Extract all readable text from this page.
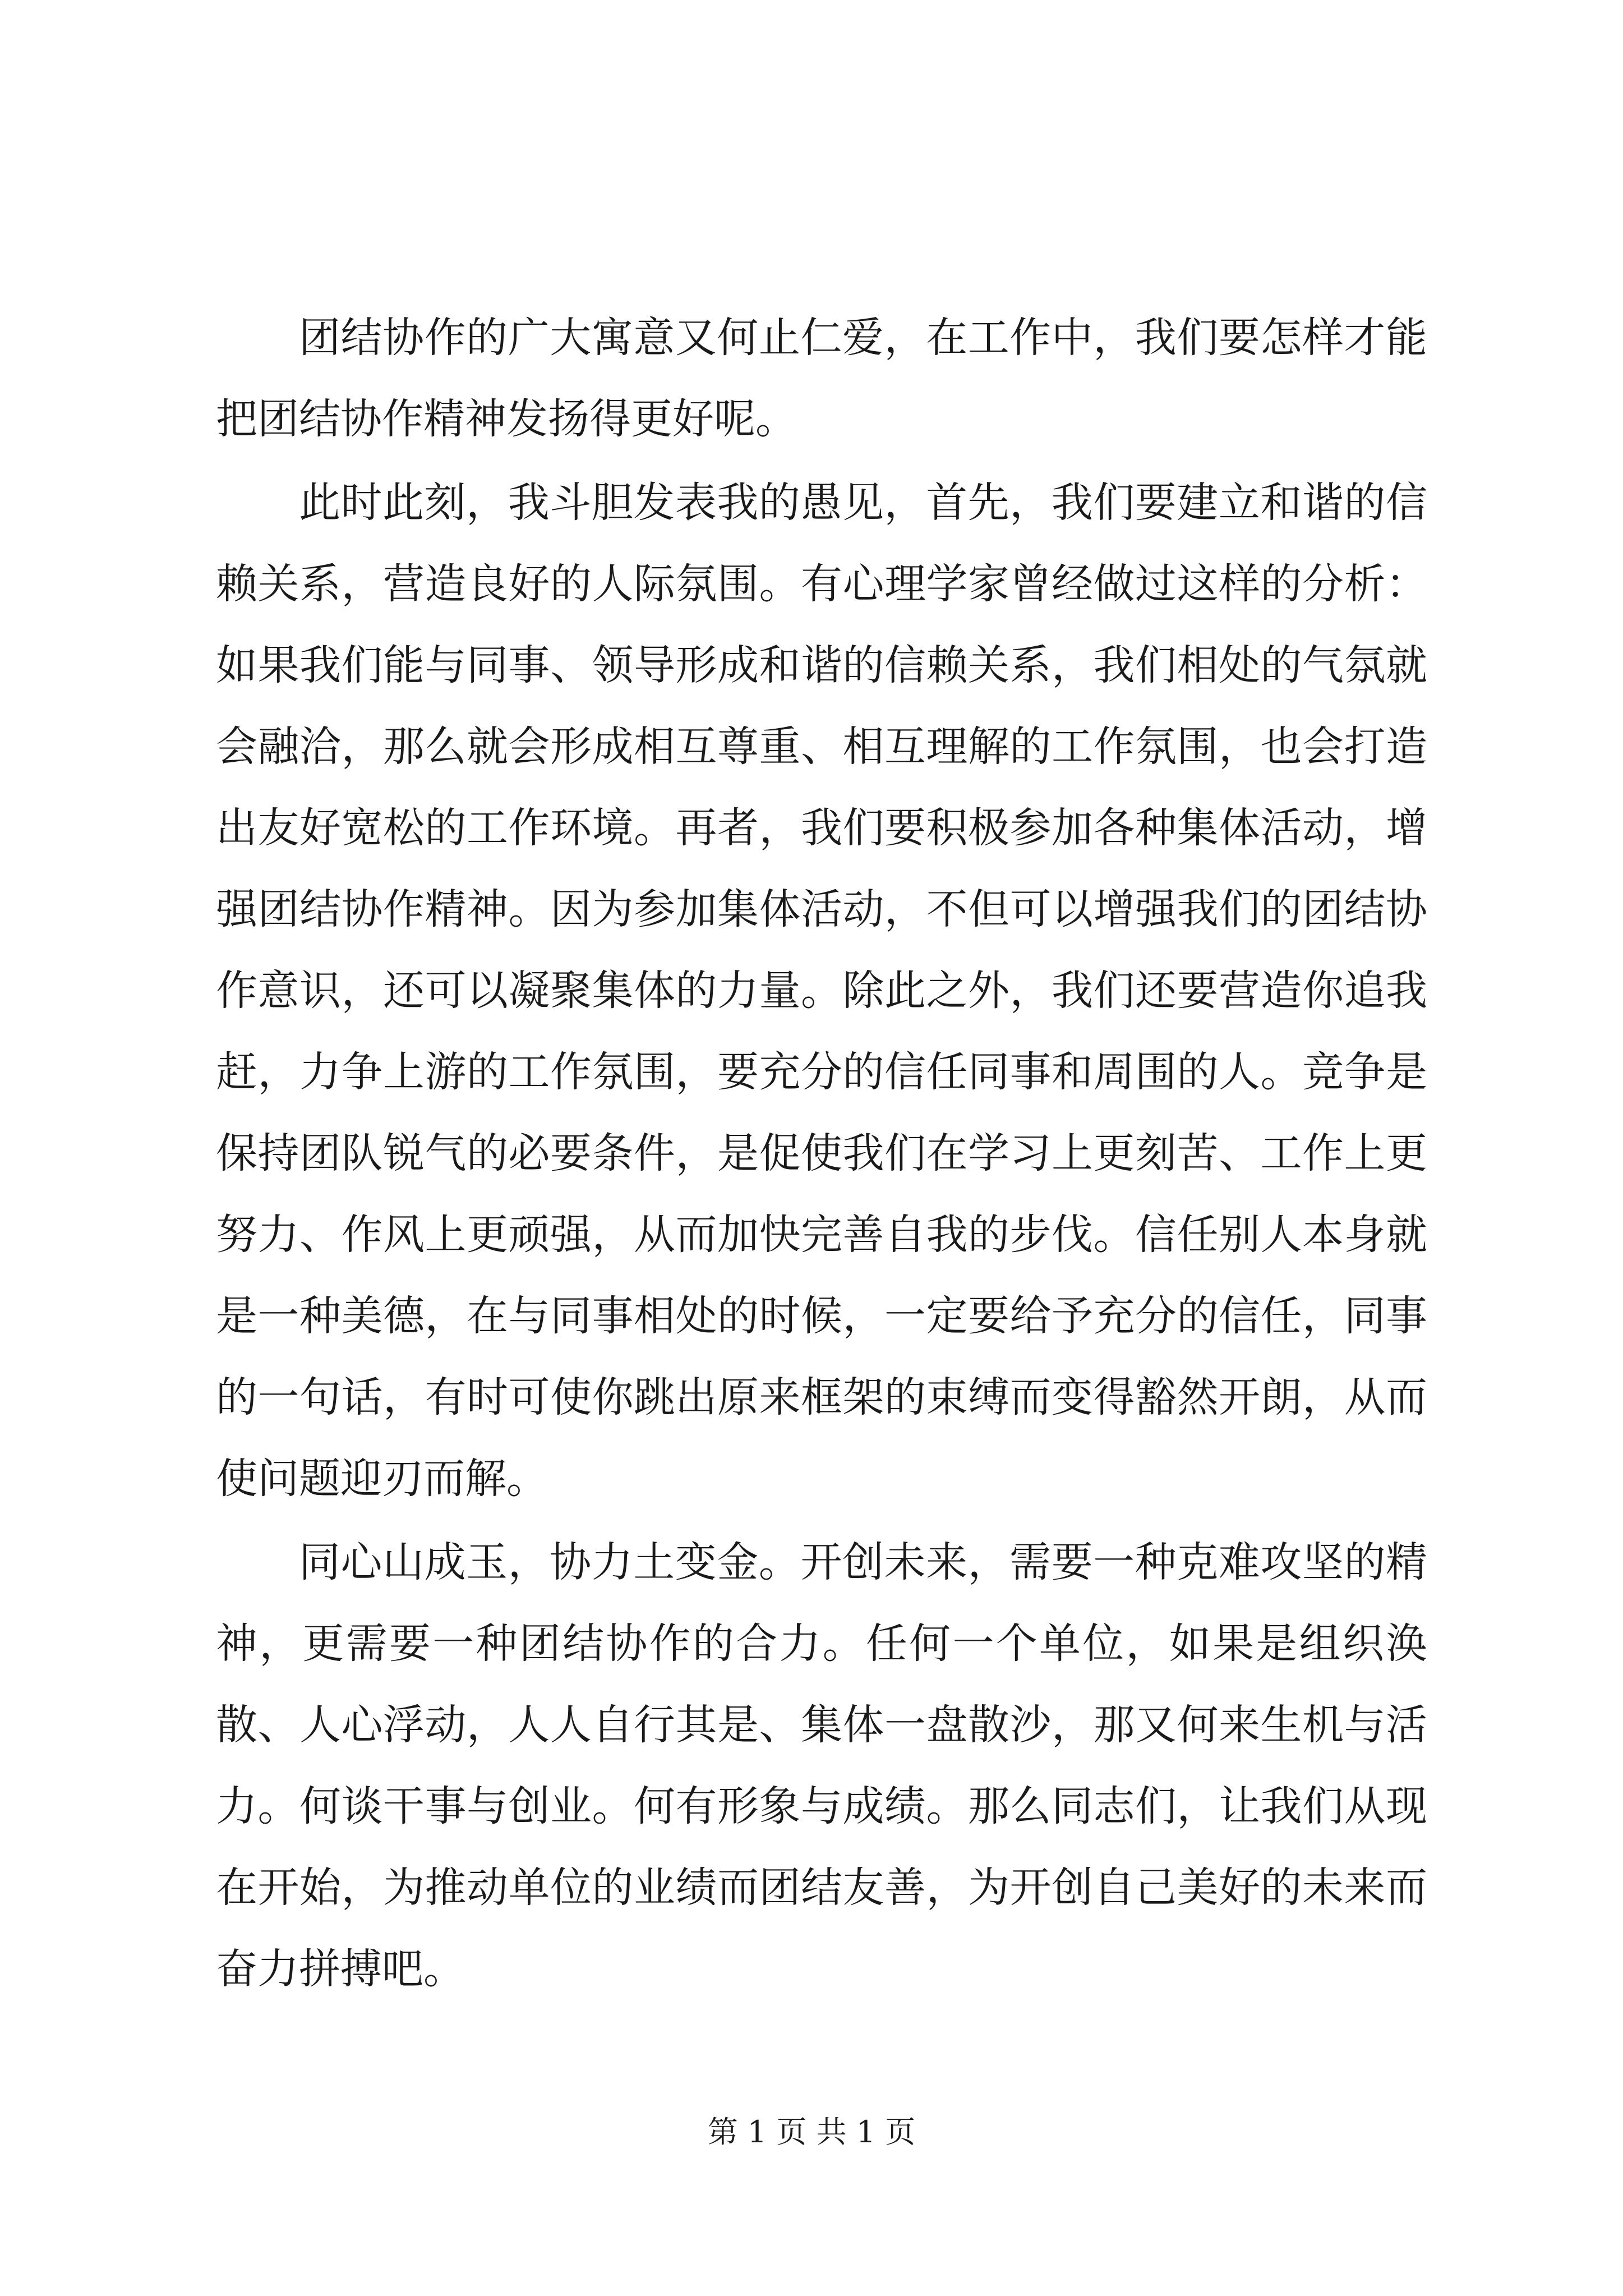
团结协作的广大寓意又何止仁爱，在工作中，我们要怎样才能把团结协作精神发扬得更好呢。

此时此刻，我斗胆发表我的愚见，首先，我们要建立和谐的信赖关系，营造良好的人际氛围。有心理学家曾经做过这样的分析：如果我们能与同事、领导形成和谐的信赖关系，我们相处的气氛就会融洽，那么就会形成相互尊重、相互理解的工作氛围，也会打造出友好宽松的工作环境。再者，我们要积极参加各种集体活动，增强团结协作精神。因为参加集体活动，不但可以增强我们的团结协作意识，还可以凝聚集体的力量。除此之外，我们还要营造你追我赶，力争上游的工作氛围，要充分的信任同事和周围的人。竞争是保持团队锐气的必要条件，是促使我们在学习上更刻苦、工作上更努力、作风上更顽强，从而加快完善自我的步伐。信任别人本身就是一种美德，在与同事相处的时候，一定要给予充分的信任，同事的一句话，有时可使你跳出原来框架的束缚而变得豁然开朗，从而使问题迎刃而解。

同心山成玉，协力土变金。开创未来，需要一种克难攻坚的精神，更需要一种团结协作的合力。任何一个单位，如果是组织涣散、人心浮动，人人自行其是、集体一盘散沙，那又何来生机与活力。何谈干事与创业。何有形象与成绩。那么同志们，让我们从现在开始，为推动单位的业绩而团结友善，为开创自己美好的未来而奋力拼搏吧。

第 1 页 共 1 页
